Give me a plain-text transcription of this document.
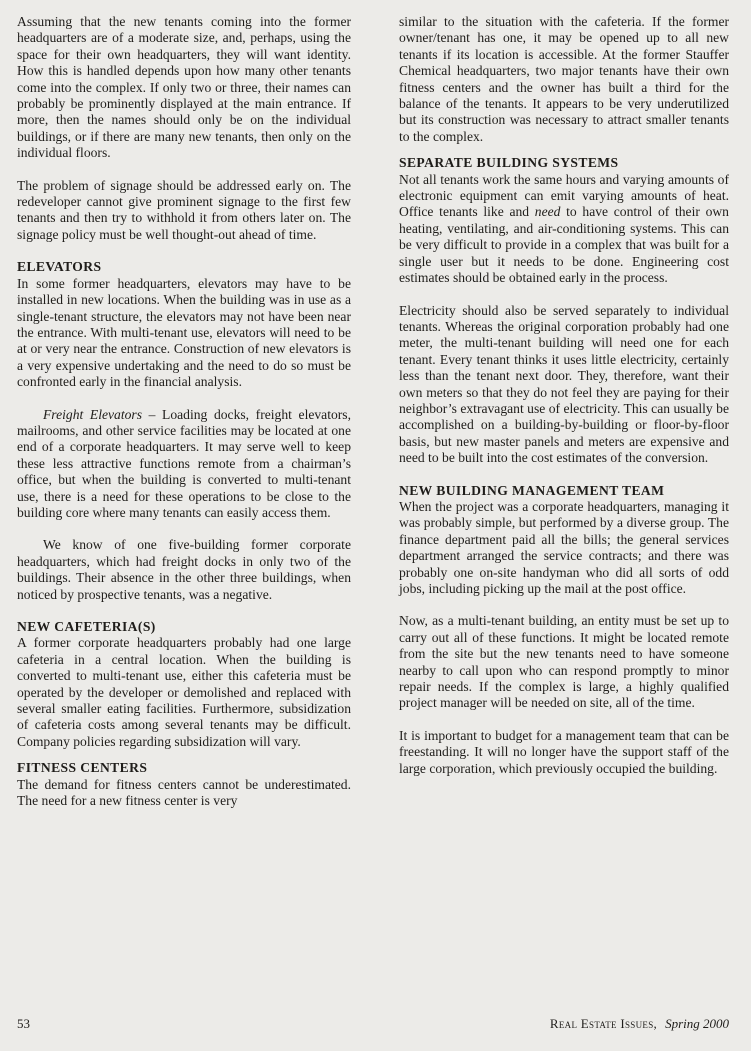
Assuming that the new tenants coming into the former headquarters are of a moderate size, and, perhaps, using the space for their own headquarters, they will want identity. How this is handled depends upon how many other tenants come into the complex. If only two or three, their names can probably be prominently displayed at the main entrance. If more, then the names should only be on the individual buildings, or if there are many new tenants, then only on the individual floors.

The problem of signage should be addressed early on. The redeveloper cannot give prominent signage to the first few tenants and then try to withhold it from others later on. The signage policy must be well thought-out ahead of time.

ELEVATORS

In some former headquarters, elevators may have to be installed in new locations. When the building was in use as a single-tenant structure, the elevators may not have been near the entrance. With multi-tenant use, elevators will need to be at or very near the entrance. Construction of new elevators is a very expensive undertaking and the need to do so must be confronted early in the financial analysis.

Freight Elevators – Loading docks, freight elevators, mailrooms, and other service facilities may be located at one end of a corporate headquarters. It may serve well to keep these less attractive functions remote from a chairman’s office, but when the building is converted to multi-tenant use, there is a need for these operations to be close to the building core where many tenants can easily access them.

We know of one five-building former corporate headquarters, which had freight docks in only two of the buildings. Their absence in the other three buildings, when noticed by prospective tenants, was a negative.

NEW CAFETERIA(S)

A former corporate headquarters probably had one large cafeteria in a central location. When the building is converted to multi-tenant use, either this cafeteria must be operated by the developer or demolished and replaced with several smaller eating facilities. Furthermore, subsidization of cafeteria costs among several tenants may be difficult. Company policies regarding subsidization will vary.

FITNESS CENTERS

The demand for fitness centers cannot be underestimated. The need for a new fitness center is very

similar to the situation with the cafeteria. If the former owner/tenant has one, it may be opened up to all new tenants if its location is accessible. At the former Stauffer Chemical headquarters, two major tenants have their own fitness centers and the owner has built a third for the balance of the tenants. It appears to be very underutilized but its construction was necessary to attract smaller tenants to the complex.

SEPARATE BUILDING SYSTEMS

Not all tenants work the same hours and varying amounts of electronic equipment can emit varying amounts of heat. Office tenants like and need to have control of their own heating, ventilating, and air-conditioning systems. This can be very difficult to provide in a complex that was built for a single user but it needs to be done. Engineering cost estimates should be obtained early in the process.

Electricity should also be served separately to individual tenants. Whereas the original corporation probably had one meter, the multi-tenant building will need one for each tenant. Every tenant thinks it uses little electricity, certainly less than the tenant next door. They, therefore, want their own meters so that they do not feel they are paying for their neighbor’s extravagant use of electricity. This can usually be accomplished on a building-by-building or floor-by-floor basis, but new master panels and meters are expensive and need to be built into the cost estimates of the conversion.

NEW BUILDING MANAGEMENT TEAM

When the project was a corporate headquarters, managing it was probably simple, but performed by a diverse group. The finance department paid all the bills; the general services department arranged the service contracts; and there was probably one on-site handyman who did all sorts of odd jobs, including picking up the mail at the post office.

Now, as a multi-tenant building, an entity must be set up to carry out all of these functions. It might be located remote from the site but the new tenants need to have someone nearby to call upon who can respond promptly to minor repair needs. If the complex is large, a highly qualified project manager will be needed on site, all of the time.

It is important to budget for a management team that can be freestanding. It will no longer have the support staff of the large corporation, which previously occupied the building.

53	Real Estate Issues, Spring 2000
